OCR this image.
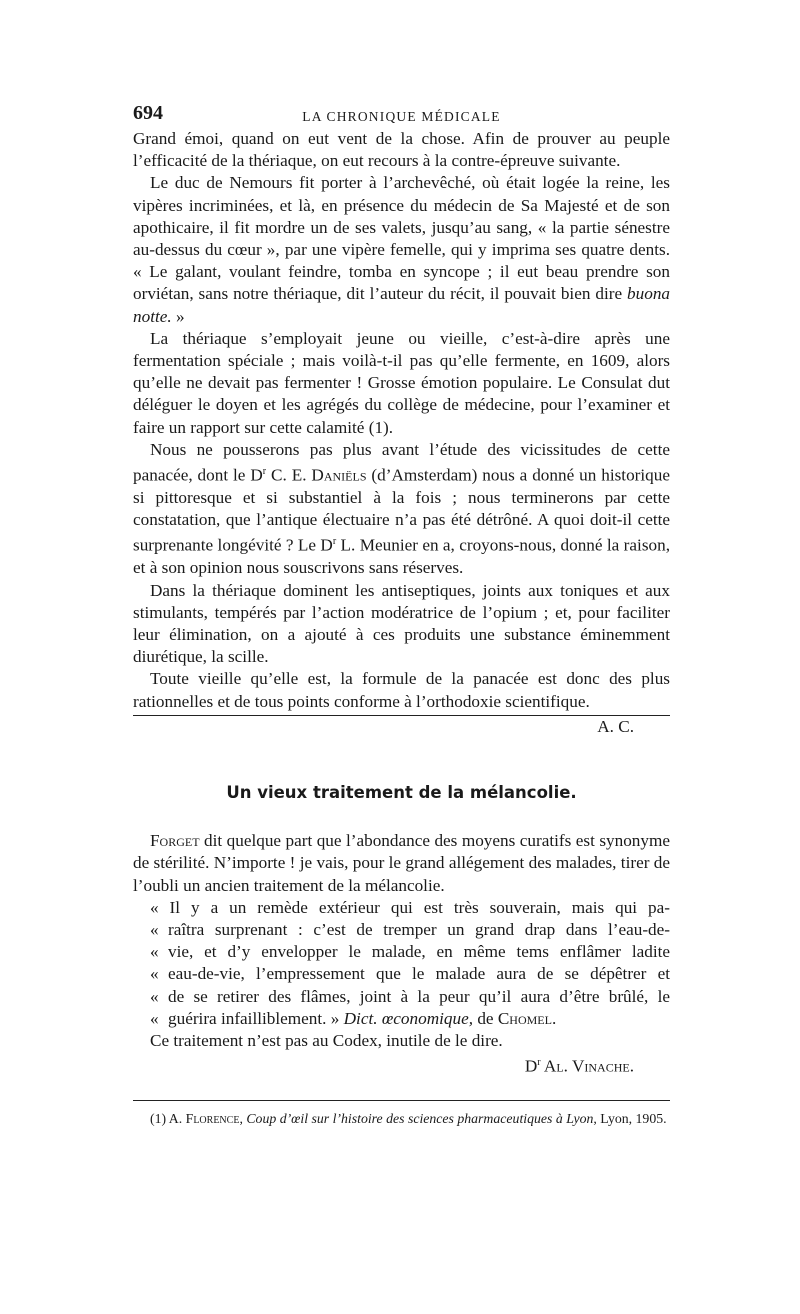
694	LA CHRONIQUE MÉDICALE

Grand émoi, quand on eut vent de la chose. Afin de prouver au peuple l’efficacité de la thériaque, on eut recours à la contre-épreuve suivante.

Le duc de Nemours fit porter à l’archevêché, où était logée la reine, les vipères incriminées, et là, en présence du médecin de Sa Majesté et de son apothicaire, il fit mordre un de ses valets, jusqu’au sang, « la partie sénestre au-dessus du cœur », par une vipère femelle, qui y imprima ses quatre dents. « Le galant, voulant feindre, tomba en syncope ; il eut beau prendre son orviétan, sans notre thériaque, dit l’auteur du récit, il pouvait bien dire buona notte. »

La thériaque s’employait jeune ou vieille, c’est-à-dire après une fermentation spéciale ; mais voilà-t-il pas qu’elle fermente, en 1609, alors qu’elle ne devait pas fermenter ! Grosse émotion populaire. Le Consulat dut déléguer le doyen et les agrégés du collège de médecine, pour l’examiner et faire un rapport sur cette calamité (1).

Nous ne pousserons pas plus avant l’étude des vicissitudes de cette panacée, dont le $D^r$ C. E. Daniëls (d’Amsterdam) nous a donné un historique si pittoresque et si substantiel à la fois ; nous terminerons par cette constatation, que l’antique électuaire n’a pas été détrôné. A quoi doit-il cette surprenante longévité ? Le $D^r$ L. Meunier en a, croyons-nous, donné la raison, et à son opinion nous souscrivons sans réserves.

Dans la thériaque dominent les antiseptiques, joints aux toniques et aux stimulants, tempérés par l’action modératrice de l’opium ; et, pour faciliter leur élimination, on a ajouté à ces produits une substance éminemment diurétique, la scille.

Toute vieille qu’elle est, la formule de la panacée est donc des plus rationnelles et de tous points conforme à l’orthodoxie scientifique.

A. C.
Un vieux traitement de la mélancolie.

Forget dit quelque part que l’abondance des moyens curatifs est synonyme de stérilité. N’importe ! je vais, pour le grand allégement des malades, tirer de l’oubli un ancien traitement de la mélancolie.

« Il y a un remède extérieur qui est très souverain, mais qui pa-
« raîtra surprenant : c’est de tremper un grand drap dans l’eau-de-
« vie, et d’y envelopper le malade, en même tems enflâmer ladite
« eau-de-vie, l’empressement que le malade aura de se dépêtrer et
« de se retirer des flâmes, joint à la peur qu’il aura d’être brûlé, le
« guérira infailliblement. » Dict. œconomique, de Chomel.

Ce traitement n’est pas au Codex, inutile de le dire.

$D^r$ Al. Vinache.

(1) A. Florence, Coup d’œil sur l’histoire des sciences pharmaceutiques à Lyon, Lyon, 1905.
